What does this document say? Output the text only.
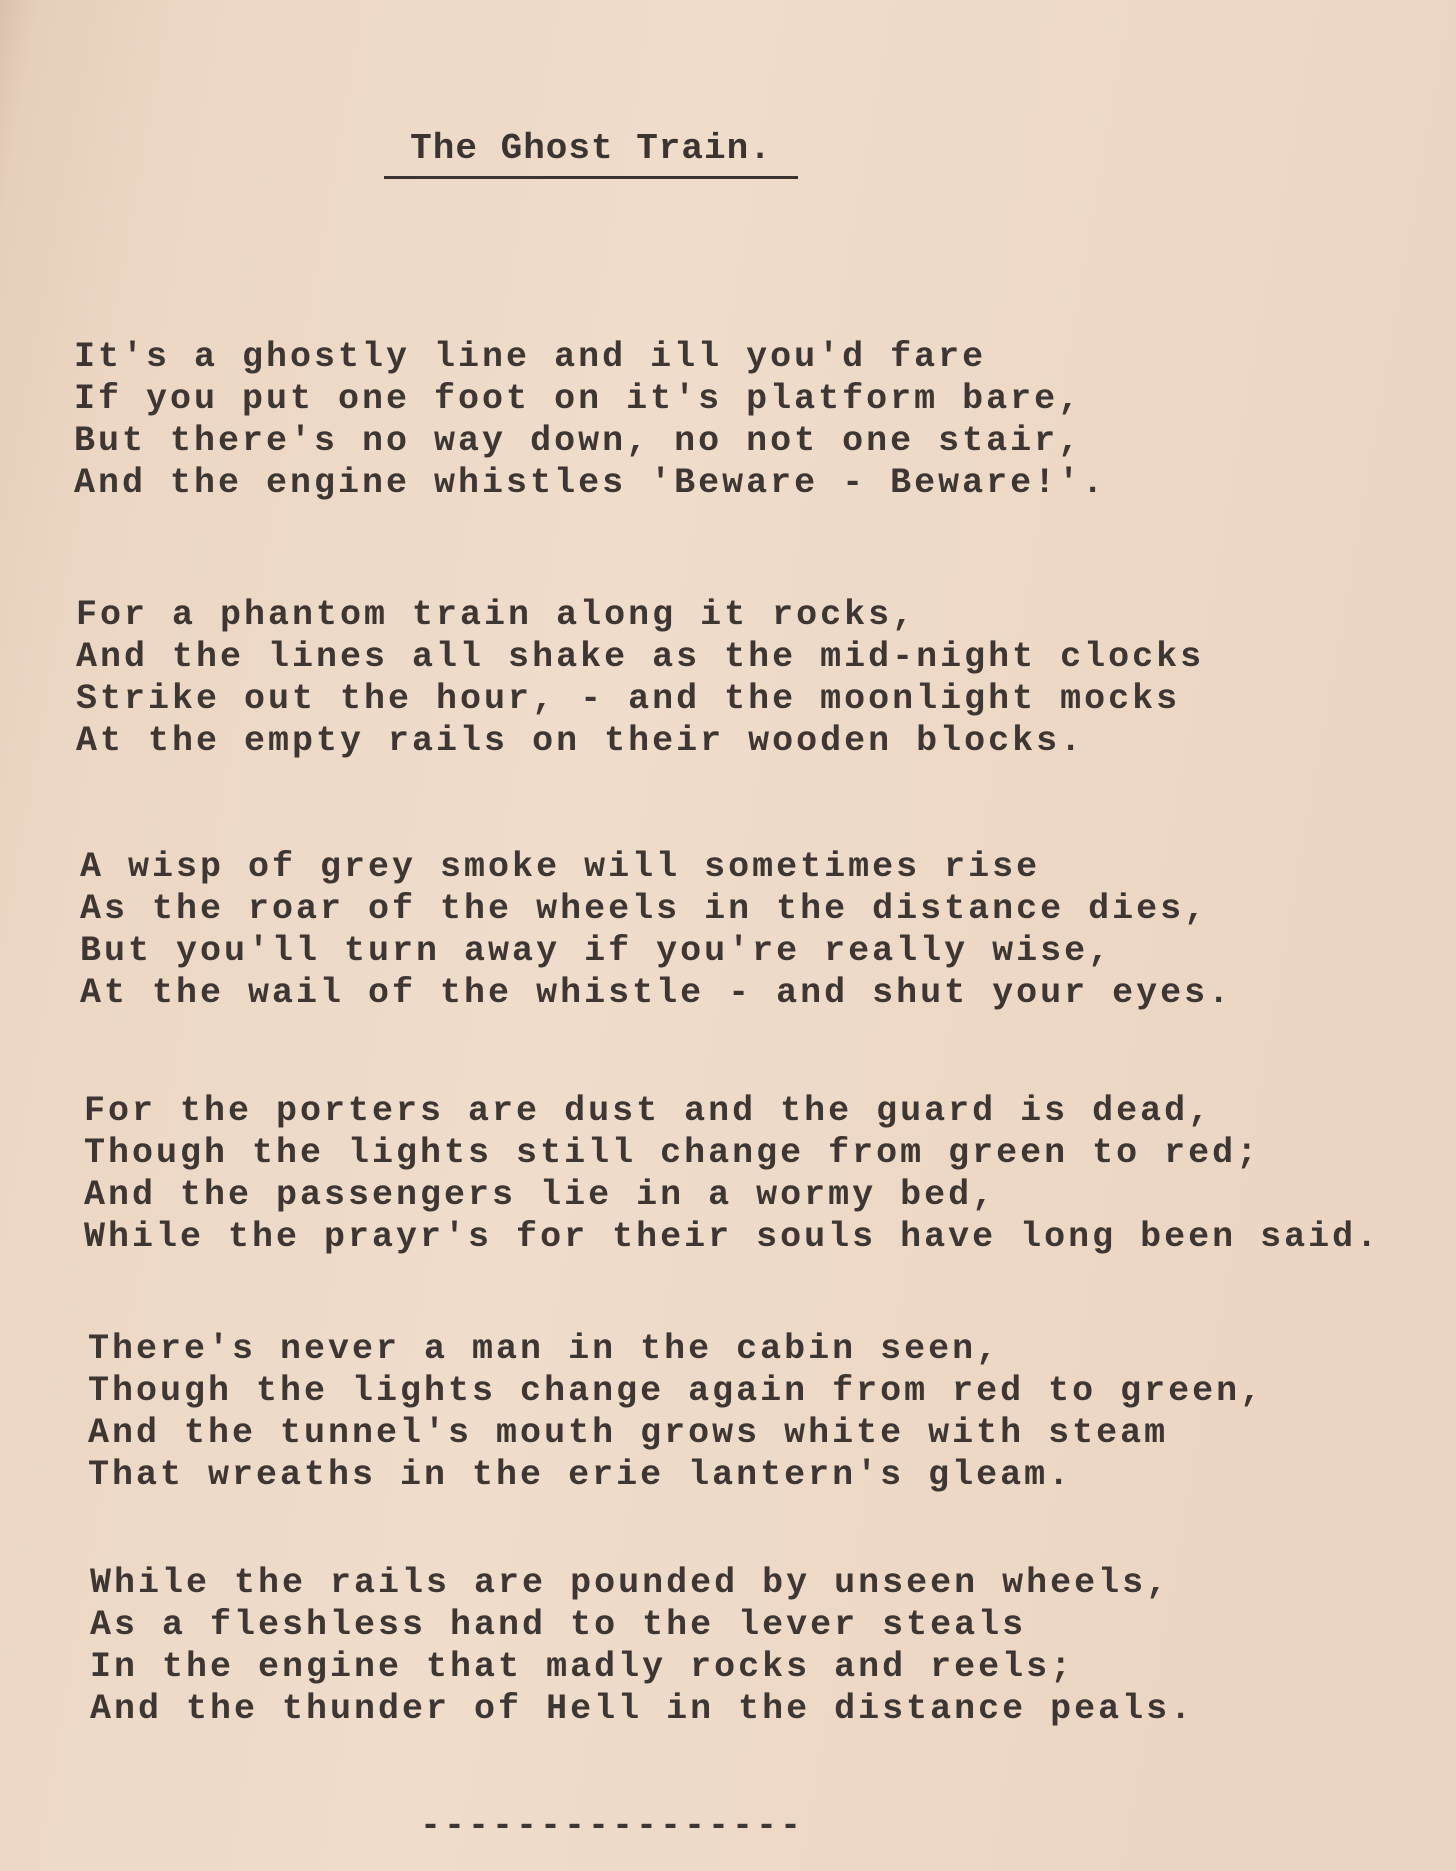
The Ghost Train.
It's a ghostly line and ill you'd fare
If you put one foot on it's platform bare,
But there's no way down, no not one stair,
And the engine whistles 'Beware - Beware!'.
For a phantom train along it rocks,
And the lines all shake as the mid-night clocks
Strike out the hour, - and the moonlight mocks
At the empty rails on their wooden blocks.
A wisp of grey smoke will sometimes rise
As the roar of the wheels in the distance dies,
But you'll turn away if you're really wise,
At the wail of the whistle - and shut your eyes.
For the porters are dust and the guard is dead,
Though the lights still change from green to red;
And the passengers lie in a wormy bed,
While the prayr's for their souls have long been said.
There's never a man in the cabin seen,
Though the lights change again from red to green,
And the tunnel's mouth grows white with steam
That wreaths in the erie lantern's gleam.
While the rails are pounded by unseen wheels,
As a fleshless hand to the lever steals
In the engine that madly rocks and reels;
And the thunder of Hell in the distance peals.
----------------
